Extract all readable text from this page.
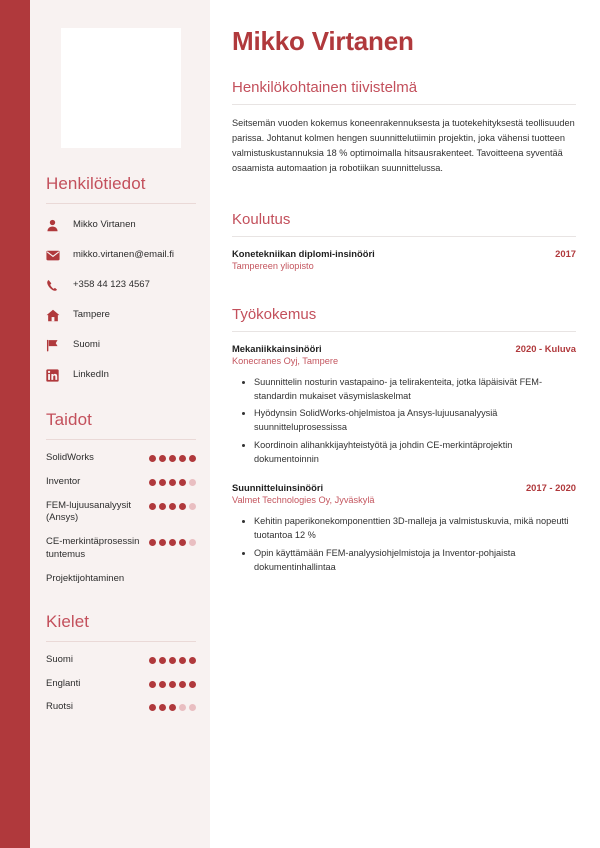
Henkilötiedot
Mikko Virtanen
mikko.virtanen@email.fi
+358 44 123 4567
Tampere
Suomi
LinkedIn
Taidot
SolidWorks
Inventor
FEM-lujuusanalyysit (Ansys)
CE-merkintäprosessin tuntemus
Projektijohtaminen
Kielet
Suomi
Englanti
Ruotsi
Mikko Virtanen
Henkilökohtainen tiivistelmä

Seitsemän vuoden kokemus koneenrakennuksesta ja tuotekehityksestä teollisuuden parissa. Johtanut kolmen hengen suunnittelutiimin projektin, joka vähensi tuotteen valmistuskustannuksia 18 % optimoimalla hitsausrakenteet. Tavoitteena syventää osaamista automaation ja robotiikan suunnittelussa.

Koulutus
Konetekniikan diplomi-insinööri	2017
Tampereen yliopisto
Työkokemus
Mekaniikkainsinööri	2020 - Kuluva
Konecranes Oyj, Tampere
• Suunnittelin nosturin vastapaino- ja telirakenteita, jotka läpäisivät FEM-standardin mukaiset väsymislaskelmat
• Hyödynsin SolidWorks-ohjelmistoa ja Ansys-lujuusanalyysiä suunnitteluprosessissa
• Koordinoin alihankkijayhteistyötä ja johdin CE-merkintäprojektin dokumentoinnin
Suunnitteluinsinööri	2017 - 2020
Valmet Technologies Oy, Jyväskylä
• Kehitin paperikonekomponenttien 3D-malleja ja valmistuskuvia, mikä nopeutti tuotantoa 12 %
• Opin käyttämään FEM-analyysiohjelmistoja ja Inventor-pohjaista dokumentinhallintaa
